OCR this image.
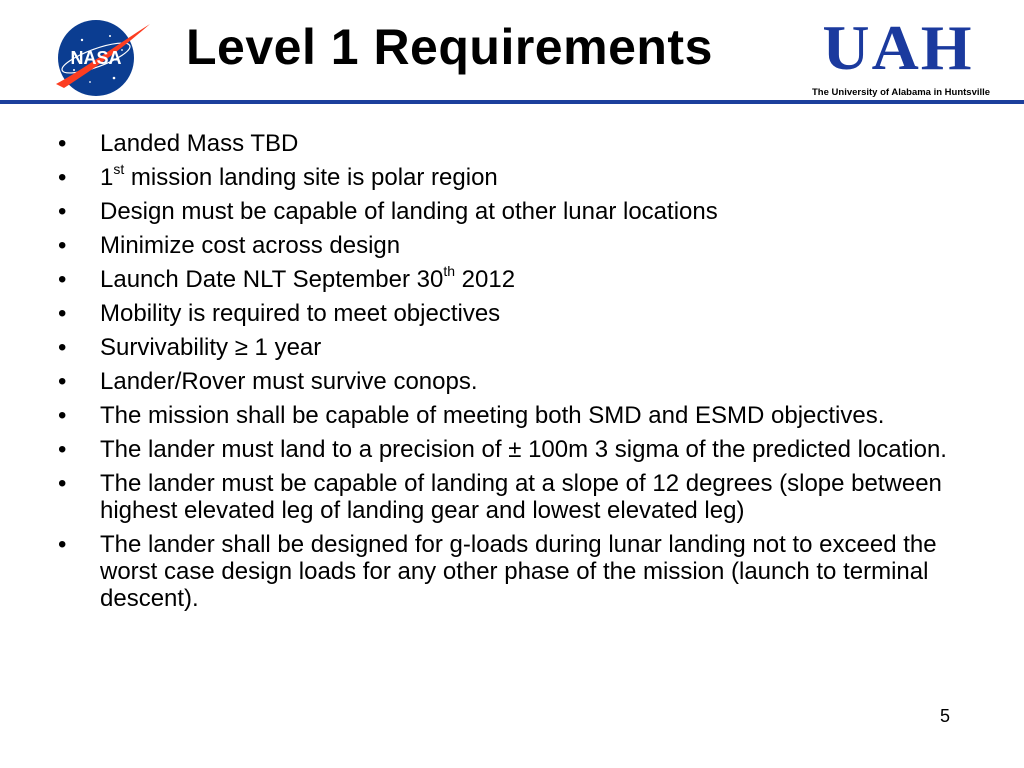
NASA Level 1 Requirements UAH
The University of Alabama in Huntsville
• Landed Mass TBD
• 1st mission landing site is polar region
• Design must be capable of landing at other lunar locations
• Minimize cost across design
• Launch Date NLT September 30th 2012
• Mobility is required to meet objectives
• Survivability ≥ 1 year
• Lander/Rover must survive conops.
• The mission shall be capable of meeting both SMD and ESMD objectives.
• The lander must land to a precision of ± 100m 3 sigma of the predicted location.
• The lander must be capable of landing at a slope of 12 degrees (slope between highest elevated leg of landing gear and lowest elevated leg)
• The lander shall be designed for g-loads during lunar landing not to exceed the worst case design loads for any other phase of the mission (launch to terminal descent).
5
